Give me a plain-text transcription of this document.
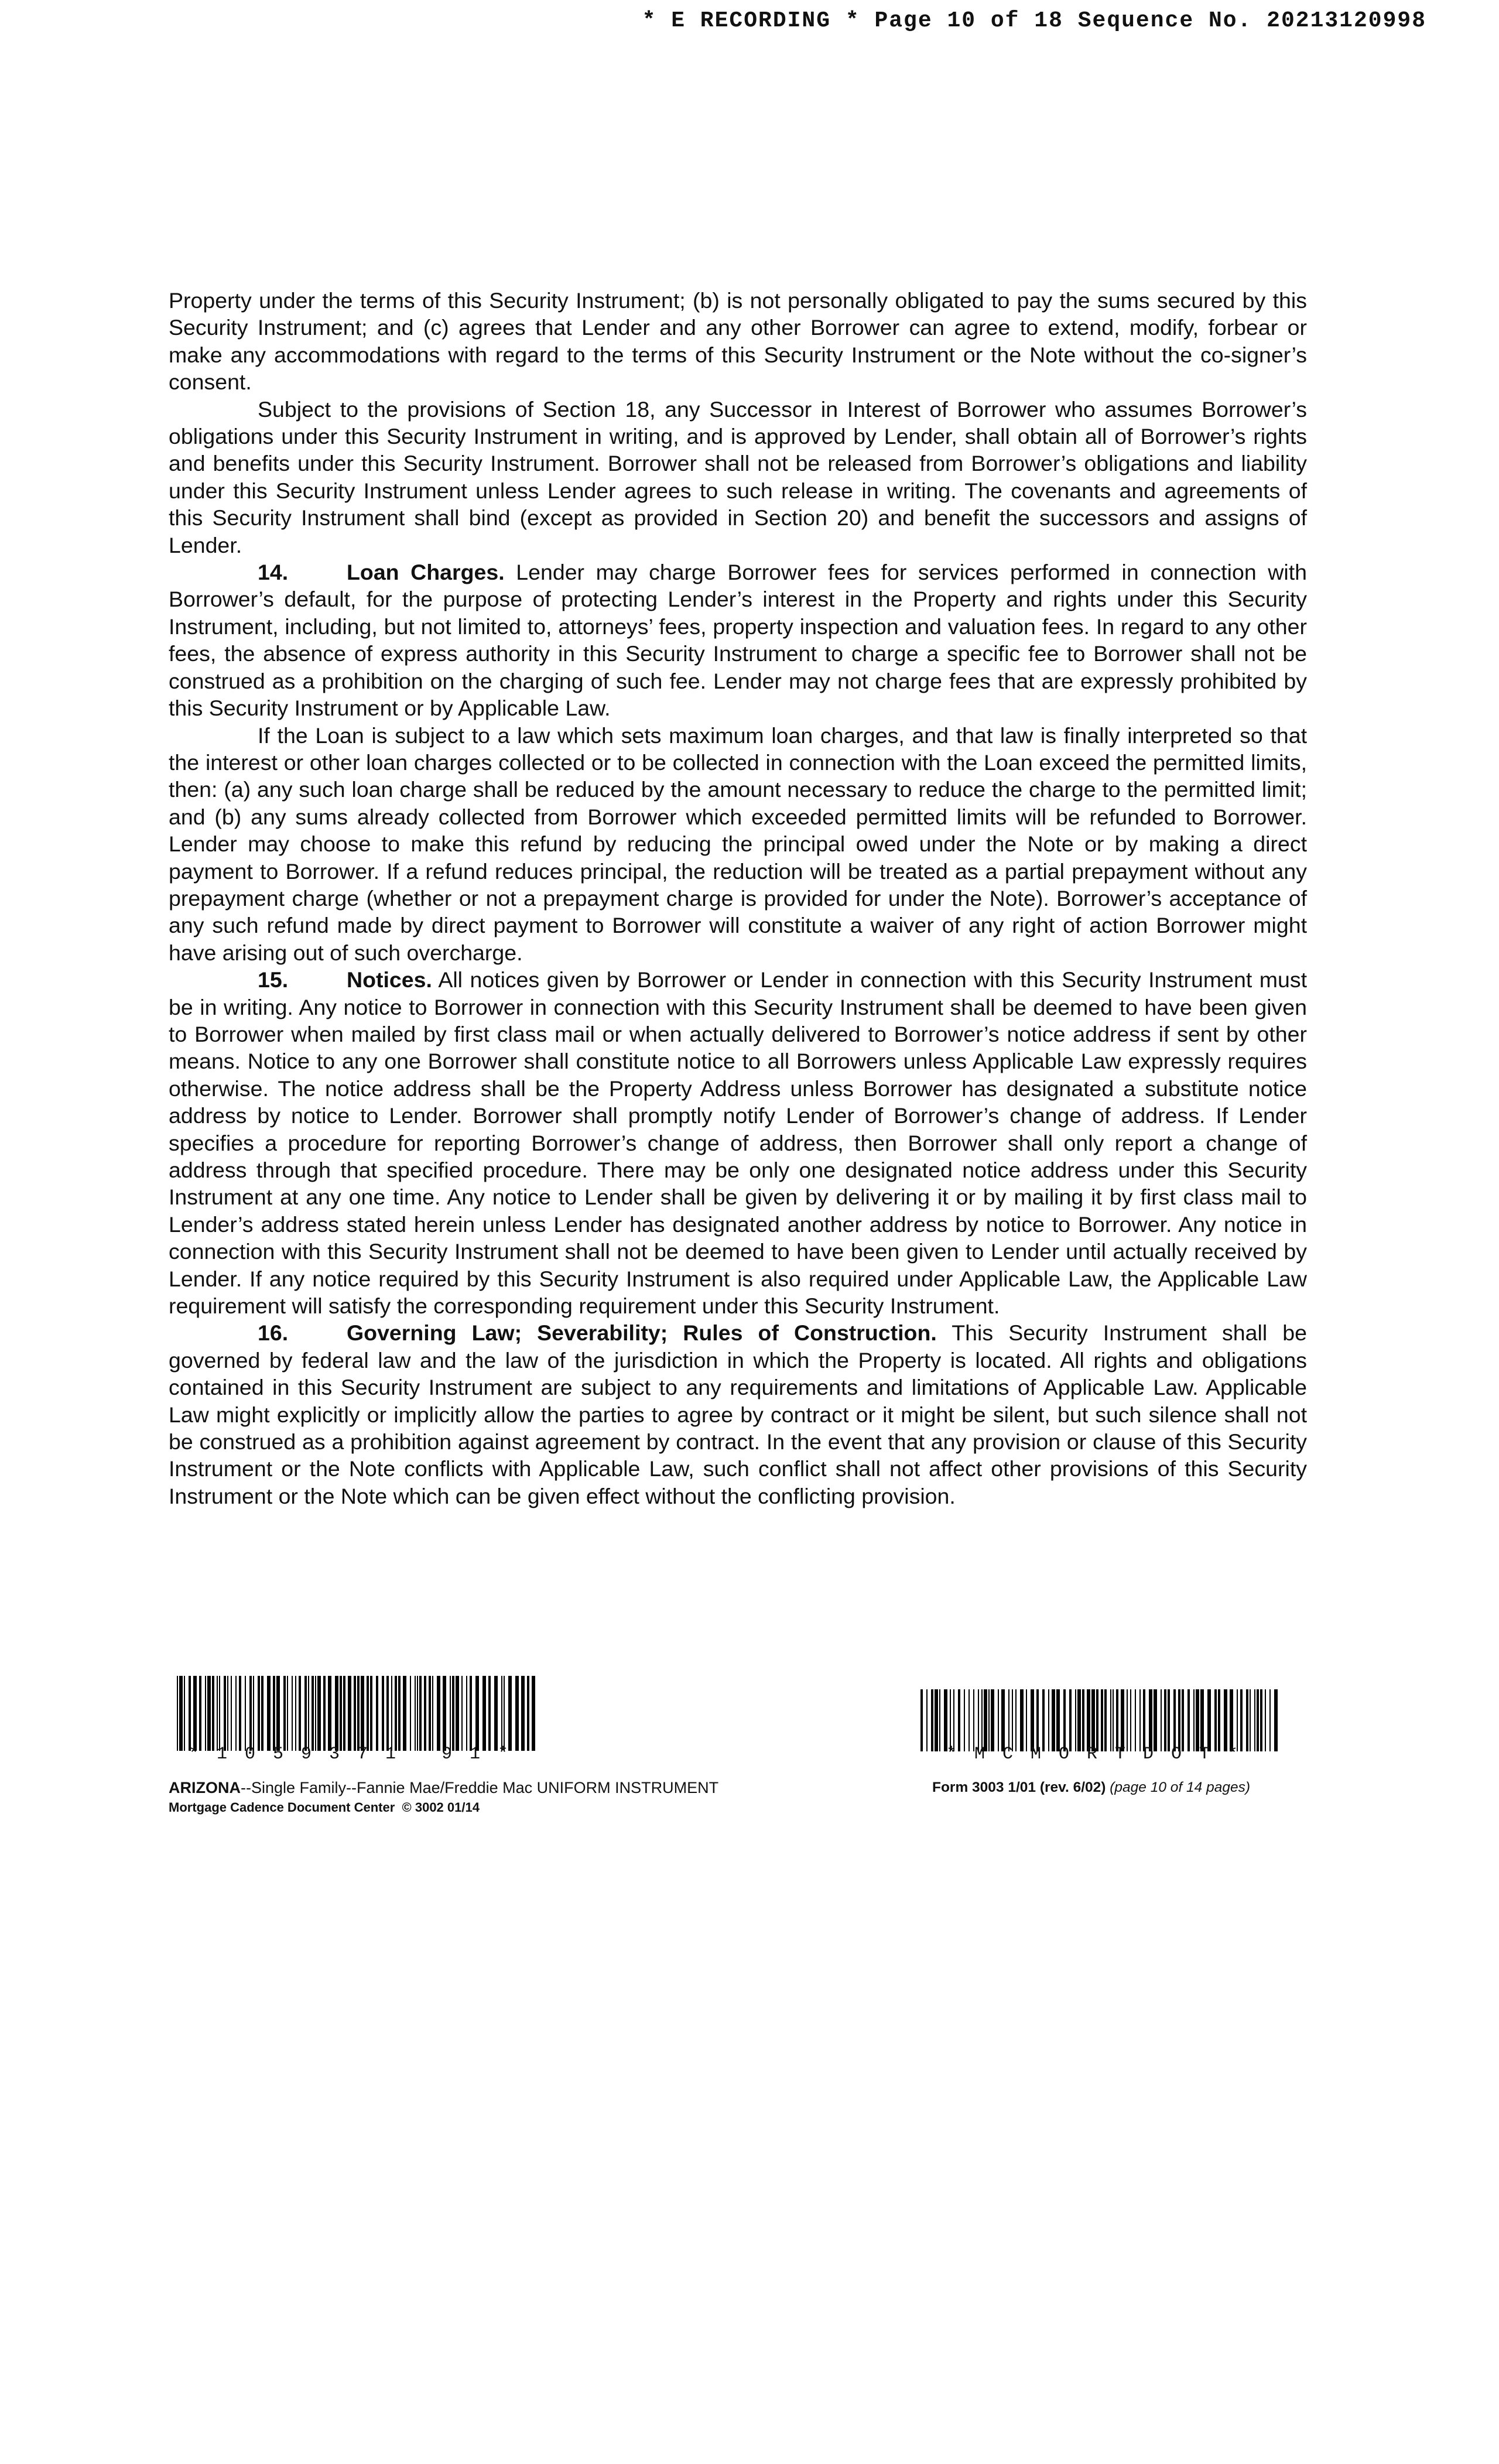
* E RECORDING * Page 10 of 18 Sequence No. 20213120998

Property under the terms of this Security Instrument; (b) is not personally obligated to pay the sums secured by this Security Instrument; and (c) agrees that Lender and any other Borrower can agree to extend, modify, forbear or make any accommodations with regard to the terms of this Security Instrument or the Note without the co-signer’s consent.

Subject to the provisions of Section 18, any Successor in Interest of Borrower who assumes Borrower’s obligations under this Security Instrument in writing, and is approved by Lender, shall obtain all of Borrower’s rights and benefits under this Security Instrument. Borrower shall not be released from Borrower’s obligations and liability under this Security Instrument unless Lender agrees to such release in writing. The covenants and agreements of this Security Instrument shall bind (except as provided in Section 20) and benefit the successors and assigns of Lender.

14.	Loan Charges. Lender may charge Borrower fees for services performed in connection with Borrower’s default, for the purpose of protecting Lender’s interest in the Property and rights under this Security Instrument, including, but not limited to, attorneys’ fees, property inspection and valuation fees. In regard to any other fees, the absence of express authority in this Security Instrument to charge a specific fee to Borrower shall not be construed as a prohibition on the charging of such fee. Lender may not charge fees that are expressly prohibited by this Security Instrument or by Applicable Law.

If the Loan is subject to a law which sets maximum loan charges, and that law is finally interpreted so that the interest or other loan charges collected or to be collected in connection with the Loan exceed the permitted limits, then: (a) any such loan charge shall be reduced by the amount necessary to reduce the charge to the permitted limit; and (b) any sums already collected from Borrower which exceeded permitted limits will be refunded to Borrower. Lender may choose to make this refund by reducing the principal owed under the Note or by making a direct payment to Borrower. If a refund reduces principal, the reduction will be treated as a partial prepayment without any prepayment charge (whether or not a prepayment charge is provided for under the Note). Borrower’s acceptance of any such refund made by direct payment to Borrower will constitute a waiver of any right of action Borrower might have arising out of such overcharge.

15.	Notices. All notices given by Borrower or Lender in connection with this Security Instrument must be in writing. Any notice to Borrower in connection with this Security Instrument shall be deemed to have been given to Borrower when mailed by first class mail or when actually delivered to Borrower’s notice address if sent by other means. Notice to any one Borrower shall constitute notice to all Borrowers unless Applicable Law expressly requires otherwise. The notice address shall be the Property Address unless Borrower has designated a substitute notice address by notice to Lender. Borrower shall promptly notify Lender of Borrower’s change of address. If Lender specifies a procedure for reporting Borrower’s change of address, then Borrower shall only report a change of address through that specified procedure. There may be only one designated notice address under this Security Instrument at any one time. Any notice to Lender shall be given by delivering it or by mailing it by first class mail to Lender’s address stated herein unless Lender has designated another address by notice to Borrower. Any notice in connection with this Security Instrument shall not be deemed to have been given to Lender until actually received by Lender. If any notice required by this Security Instrument is also required under Applicable Law, the Applicable Law requirement will satisfy the corresponding requirement under this Security Instrument.

16.	Governing Law; Severability; Rules of Construction. This Security Instrument shall be governed by federal law and the law of the jurisdiction in which the Property is located. All rights and obligations contained in this Security Instrument are subject to any requirements and limitations of Applicable Law. Applicable Law might explicitly or implicitly allow the parties to agree by contract or it might be silent, but such silence shall not be construed as a prohibition against agreement by contract. In the event that any provision or clause of this Security Instrument or the Note conflicts with Applicable Law, such conflict shall not affect other provisions of this Security Instrument or the Note which can be given effect without the conflicting provision.

*1059371 91*	*MCMORTDOT*
ARIZONA--Single Family--Fannie Mae/Freddie Mac UNIFORM INSTRUMENT
Mortgage Cadence Document Center © 3002 01/14
Form 3003 1/01 (rev. 6/02) (page 10 of 14 pages)
